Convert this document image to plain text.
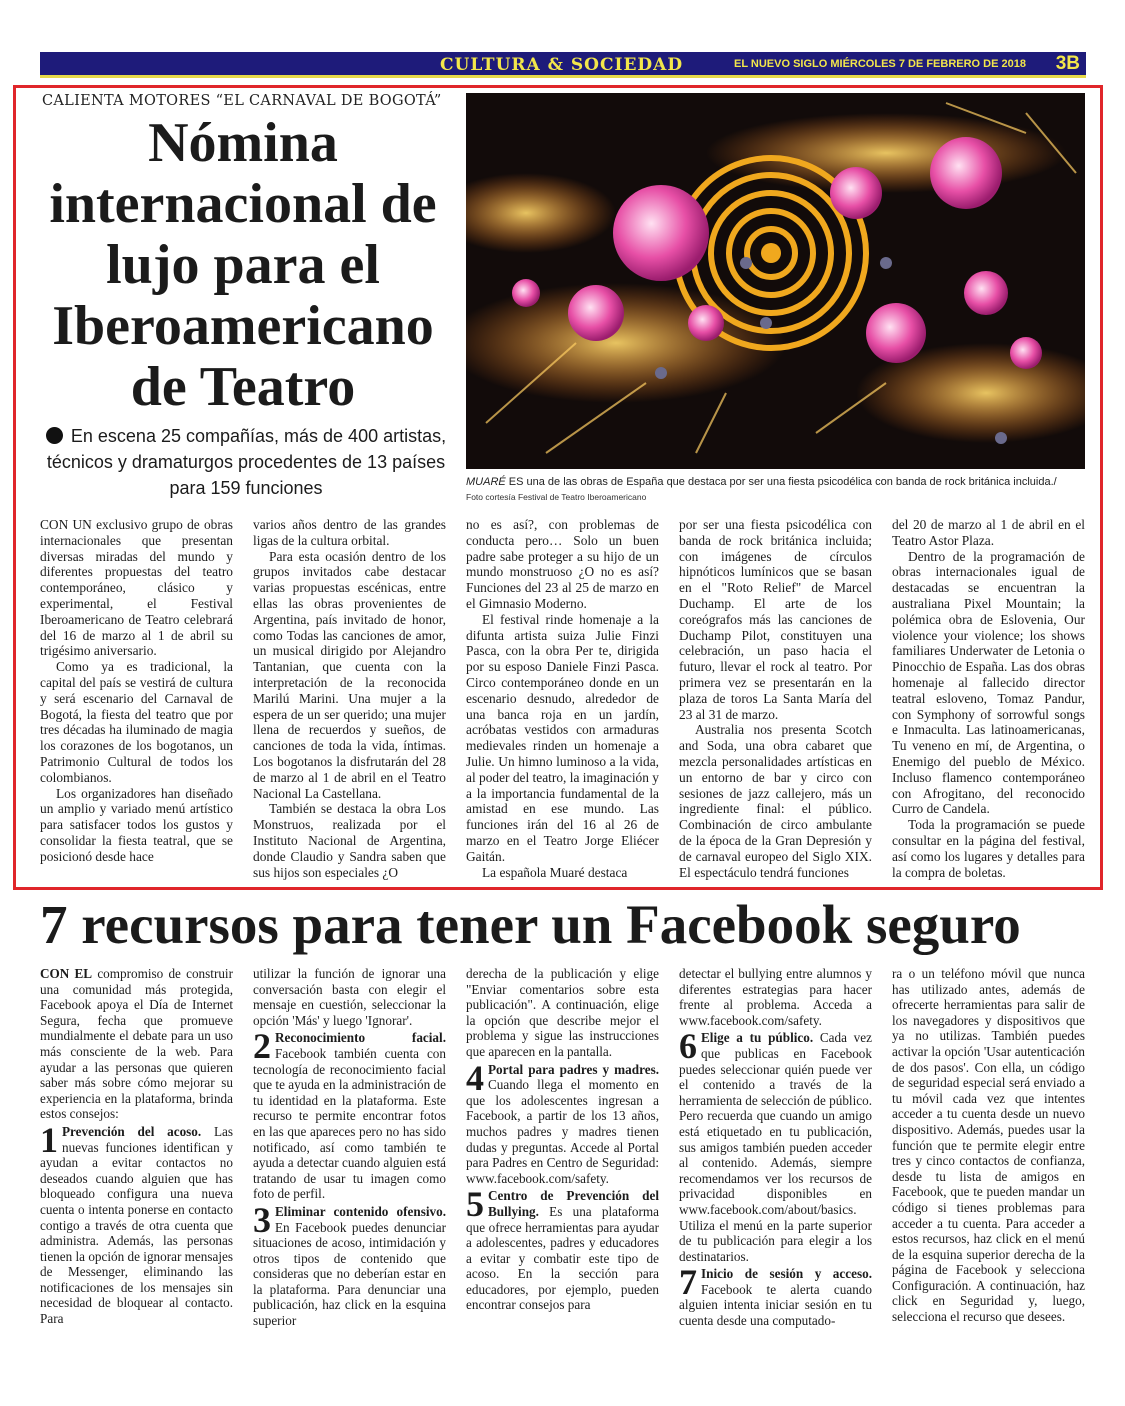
CULTURA & SOCIEDAD	EL NUEVO SIGLO MIÉRCOLES 7 DE FEBRERO DE 2018 3B
CALIENTA MOTORES “EL CARNAVAL DE BOGOTÁ”
Nómina internacional de lujo para el Iberoamericano de Teatro
En escena 25 compañías, más de 400 artistas, técnicos y dramaturgos procedentes de 13 países para 159 funciones	MUARÉ ES una de las obras de España que destaca por ser una fiesta psicodélica con banda de rock británica incluida./
Foto cortesía Festival de Teatro Iberoamericano

CON UN exclusivo grupo de obras internacionales que presentan diversas miradas del mundo y diferentes propuestas del teatro contemporáneo, clásico y experimental, el Festival Iberoamericano de Teatro celebrará del 16 de marzo al 1 de abril su trigésimo aniversario.

Como ya es tradicional, la capital del país se vestirá de cultura y será escenario del Carnaval de Bogotá, la fiesta del teatro que por tres décadas ha iluminado de magia los corazones de los bogotanos, un Patrimonio Cultural de todos los colombianos.

Los organizadores han diseñado un amplio y variado menú artístico para satisfacer todos los gustos y consolidar la fiesta teatral, que se posicionó desde hace

varios años dentro de las grandes ligas de la cultura orbital.

Para esta ocasión dentro de los grupos invitados cabe destacar varias propuestas escénicas, entre ellas las obras provenientes de Argentina, país invitado de honor, como Todas las canciones de amor, un musical dirigido por Alejandro Tantanian, que cuenta con la interpretación de la reconocida Marilú Marini. Una mujer a la espera de un ser querido; una mujer llena de recuerdos y sueños, de canciones de toda la vida, íntimas. Los bogotanos la disfrutarán del 28 de marzo al 1 de abril en el Teatro Nacional La Castellana.

También se destaca la obra Los Monstruos, realizada por el Instituto Nacional de Argentina, donde Claudio y Sandra saben que sus hijos son especiales ¿O

no es así?, con problemas de conducta pero… Solo un buen padre sabe proteger a su hijo de un mundo monstruoso ¿O no es así? Funciones del 23 al 25 de marzo en el Gimnasio Moderno.

El festival rinde homenaje a la difunta artista suiza Julie Finzi Pasca, con la obra Per te, dirigida por su esposo Daniele Finzi Pasca. Circo contemporáneo donde en un escenario desnudo, alrededor de una banca roja en un jardín, acróbatas vestidos con armaduras medievales rinden un homenaje a Julie. Un himno luminoso a la vida, al poder del teatro, la imaginación y a la importancia fundamental de la amistad en ese mundo. Las funciones irán del 16 al 26 de marzo en el Teatro Jorge Eliécer Gaitán.

La española Muaré destaca

por ser una fiesta psicodélica con banda de rock británica incluida; con imágenes de círculos hipnóticos lumínicos que se basan en el "Roto Relief" de Marcel Duchamp. El arte de los coreógrafos más las canciones de Duchamp Pilot, constituyen una celebración, un paso hacia el futuro, llevar el rock al teatro. Por primera vez se presentarán en la plaza de toros La Santa María del 23 al 31 de marzo.

Australia nos presenta Scotch and Soda, una obra cabaret que mezcla personalidades artísticas en un entorno de bar y circo con sesiones de jazz callejero, más un ingrediente final: el público. Combinación de circo ambulante de la época de la Gran Depresión y de carnaval europeo del Siglo XIX. El espectáculo tendrá funciones

del 20 de marzo al 1 de abril en el Teatro Astor Plaza.

Dentro de la programación de obras internacionales igual de destacadas se encuentran la australiana Pixel Mountain; la polémica obra de Eslovenia, Our violence your violence; los shows familiares Underwater de Letonia o Pinocchio de España. Las dos obras homenaje al fallecido director teatral esloveno, Tomaz Pandur, con Symphony of sorrowful songs e Inmaculta. Las latinoamericanas, Tu veneno en mí, de Argentina, o Enemigo del pueblo de México. Incluso flamenco contemporáneo con Afrogitano, del reconocido Curro de Candela.

Toda la programación se puede consultar en la página del festival, así como los lugares y detalles para la compra de boletas.

7 recursos para tener un Facebook seguro

CON EL compromiso de construir una comunidad más protegida, Facebook apoya el Día de Internet Segura, fecha que promueve mundialmente el debate para un uso más consciente de la web. Para ayudar a las personas que quieren saber más sobre cómo mejorar su experiencia en la plataforma, brinda estos consejos:

1 Prevención del acoso. Las nuevas funciones identifican y ayudan a evitar contactos no deseados cuando alguien que has bloqueado configura una nueva cuenta o intenta ponerse en contacto contigo a través de otra cuenta que administra. Además, las personas tienen la opción de ignorar mensajes de Messenger, eliminando las notificaciones de los mensajes sin necesidad de bloquear al contacto. Para

utilizar la función de ignorar una conversación basta con elegir el mensaje en cuestión, seleccionar la opción 'Más' y luego 'Ignorar'.

2 Reconocimiento facial. Facebook también cuenta con tecnología de reconocimiento facial que te ayuda en la administración de tu identidad en la plataforma. Este recurso te permite encontrar fotos en las que apareces pero no has sido notificado, así como también te ayuda a detectar cuando alguien está tratando de usar tu imagen como foto de perfil.
3 Eliminar contenido ofensivo. En Facebook puedes denunciar situaciones de acoso, intimidación y otros tipos de contenido que consideras que no deberían estar en la plataforma. Para denunciar una publicación, haz click en la esquina superior

derecha de la publicación y elige "Enviar comentarios sobre esta publicación". A continuación, elige la opción que describe mejor el problema y sigue las instrucciones que aparecen en la pantalla.

4 Portal para padres y madres. Cuando llega el momento en que los adolescentes ingresan a Facebook, a partir de los 13 años, muchos padres y madres tienen dudas y preguntas. Accede al Portal para Padres en Centro de Seguridad: www.facebook.com/safety.
5 Centro de Prevención del Bullying. Es una plataforma que ofrece herramientas para ayudar a adolescentes, padres y educadores a evitar y combatir este tipo de acoso. En la sección para educadores, por ejemplo, pueden encontrar consejos para

detectar el bullying entre alumnos y diferentes estrategias para hacer frente al problema. Acceda a www.facebook.com/safety.

6 Elige a tu público. Cada vez que publicas en Facebook puedes seleccionar quién puede ver el contenido a través de la herramienta de selección de público. Pero recuerda que cuando un amigo está etiquetado en tu publicación, sus amigos también pueden acceder al contenido. Además, siempre recomendamos ver los recursos de privacidad disponibles en www.facebook.com/about/basics. Utiliza el menú en la parte superior de tu publicación para elegir a los destinatarios.
7 Inicio de sesión y acceso. Facebook te alerta cuando alguien intenta iniciar sesión en tu cuenta desde una computado-

ra o un teléfono móvil que nunca has utilizado antes, además de ofrecerte herramientas para salir de los navegadores y dispositivos que ya no utilizas. También puedes activar la opción 'Usar autenticación de dos pasos'. Con ella, un código de seguridad especial será enviado a tu móvil cada vez que intentes acceder a tu cuenta desde un nuevo dispositivo. Además, puedes usar la función que te permite elegir entre tres y cinco contactos de confianza, desde tu lista de amigos en Facebook, que te pueden mandar un código si tienes problemas para acceder a tu cuenta. Para acceder a estos recursos, haz click en el menú de la esquina superior derecha de la página de Facebook y selecciona Configuración. A continuación, haz click en Seguridad y, luego, selecciona el recurso que desees.
